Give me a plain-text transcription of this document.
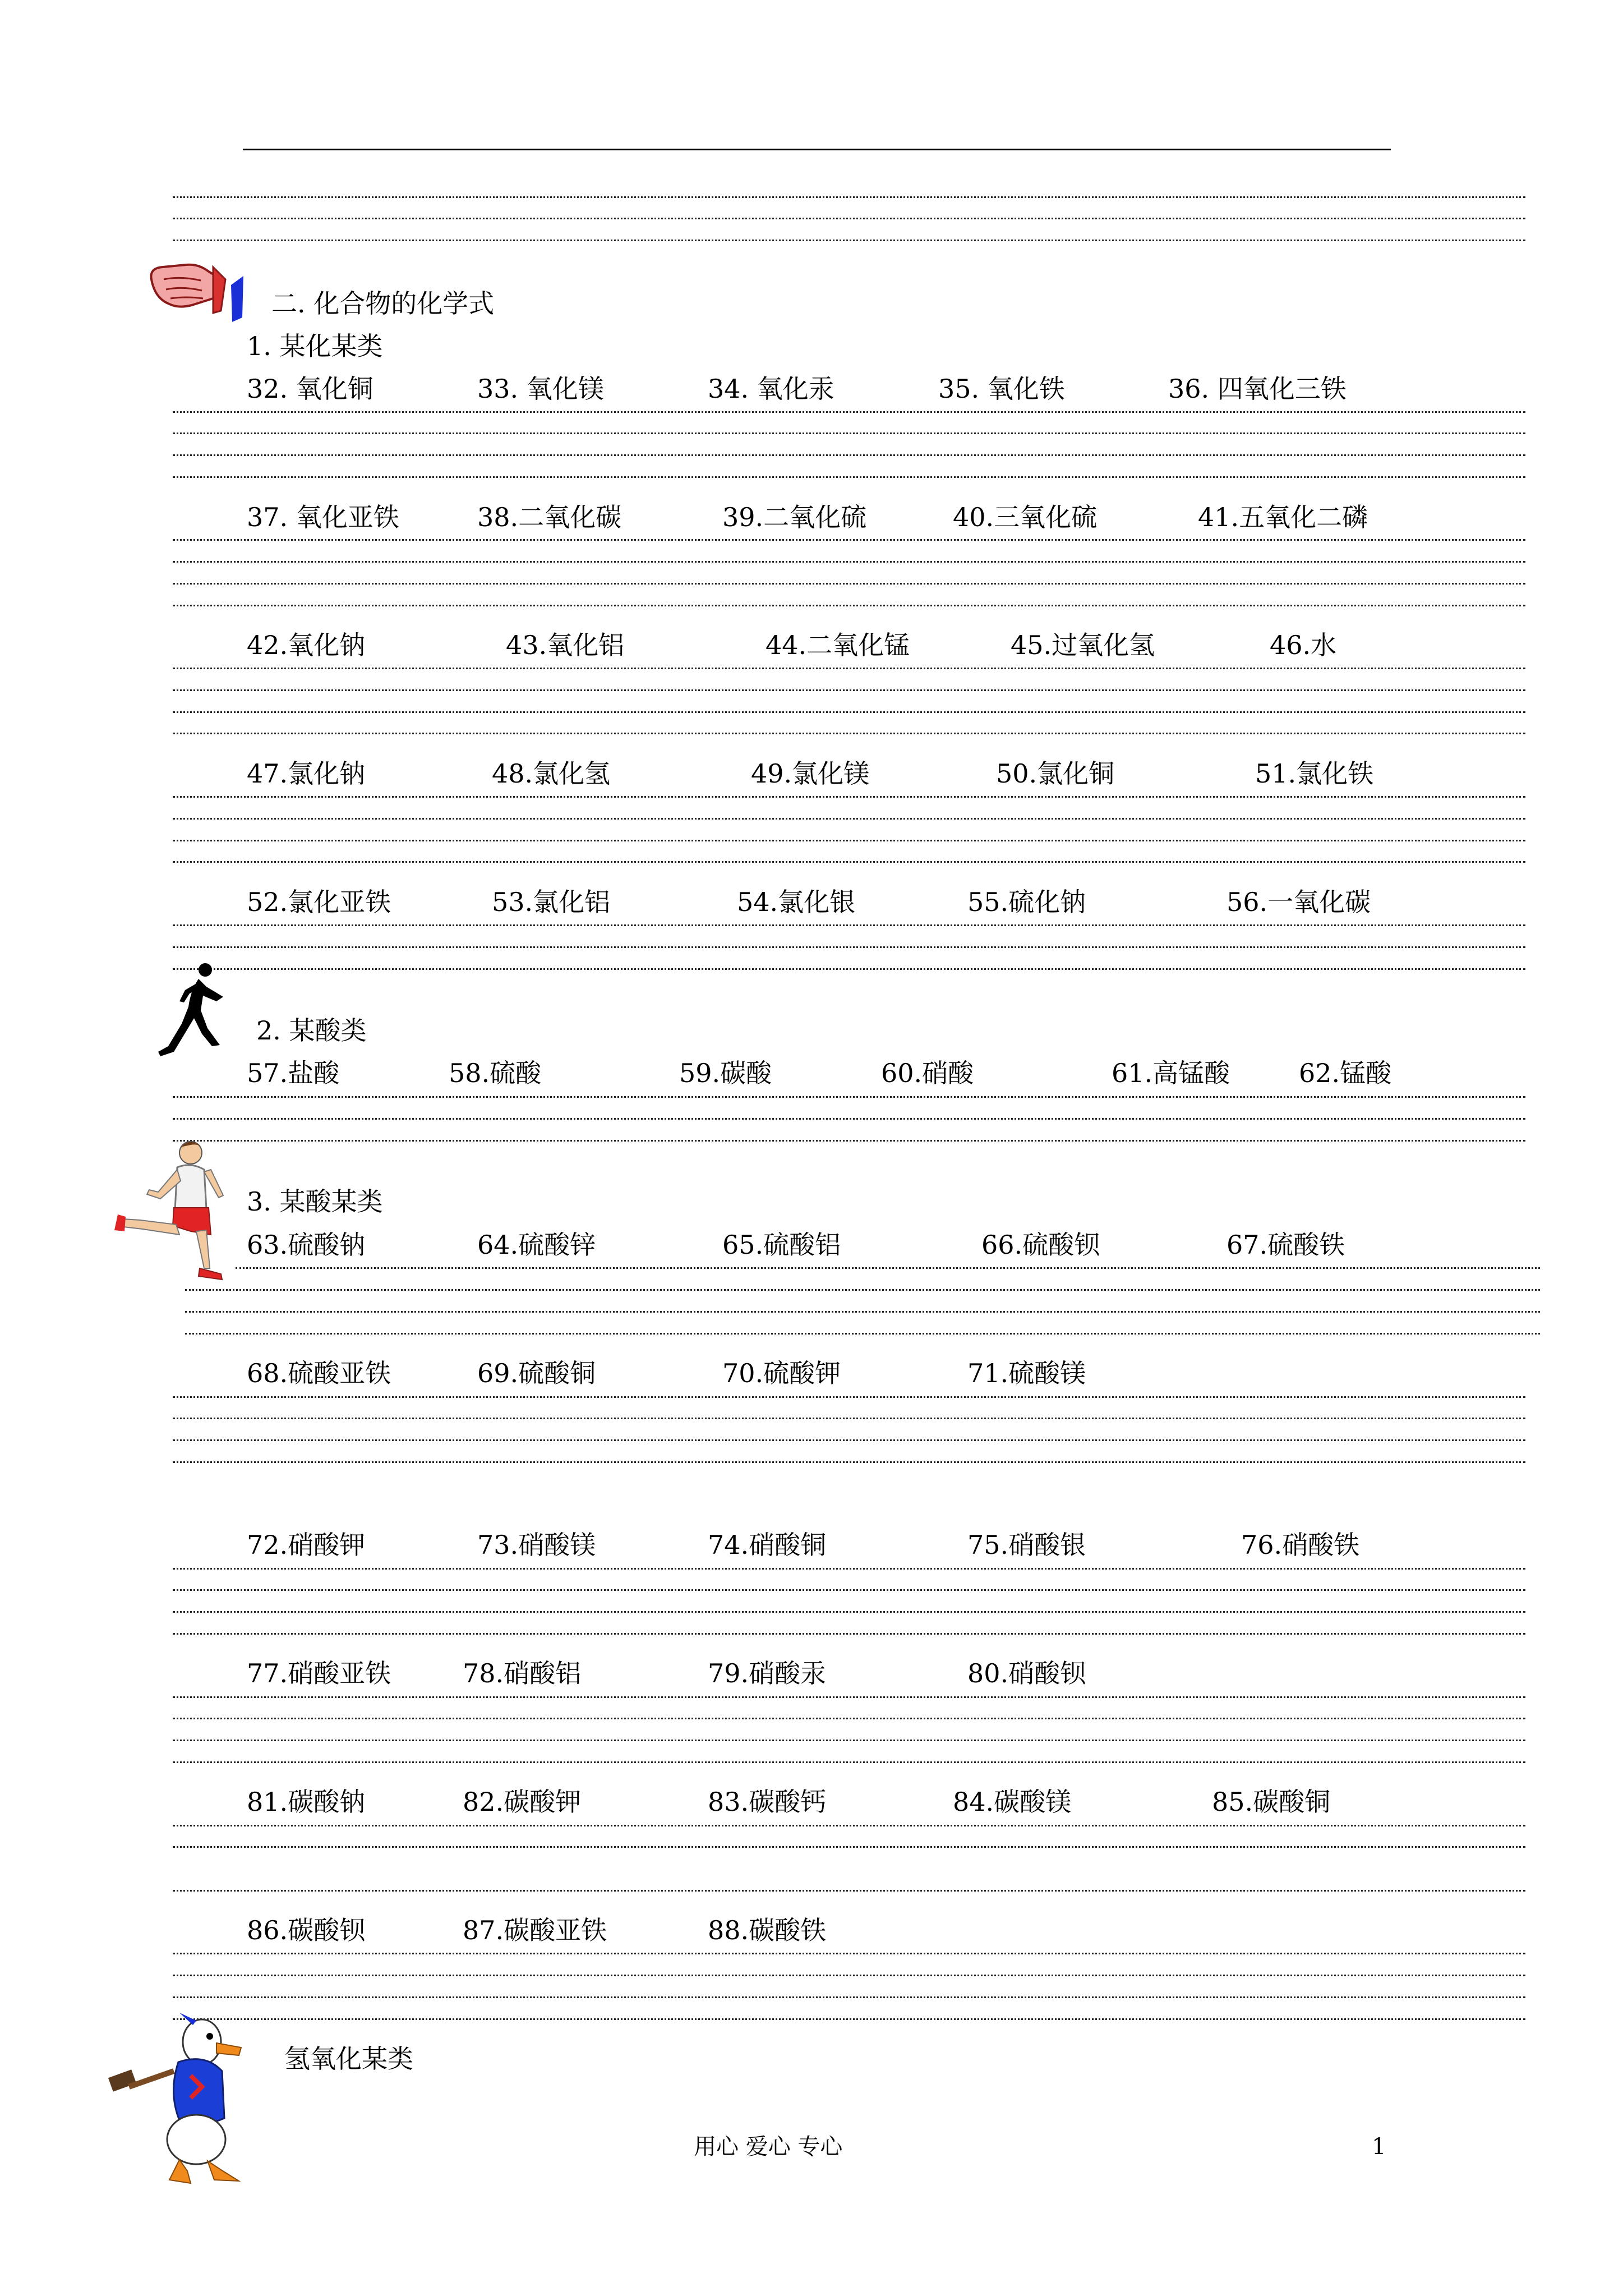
二. 化合物的化学式
1. 某化某类
32. 氧化铜	33. 氧化镁	34. 氧化汞	35. 氧化铁	36. 四氧化三铁
37. 氧化亚铁	38.二氧化碳	39.二氧化硫	40.三氧化硫	41.五氧化二磷
42.氧化钠	43.氧化铝	44.二氧化锰	45.过氧化氢	46.水
47.氯化钠	48.氯化氢	49.氯化镁	50.氯化铜	51.氯化铁
52.氯化亚铁	53.氯化铝	54.氯化银	55.硫化钠	56.一氧化碳
2. 某酸类
57.盐酸	58.硫酸	59.碳酸	60.硝酸	61.高锰酸	62.锰酸
3. 某酸某类
63.硫酸钠	64.硫酸锌	65.硫酸铝	66.硫酸钡	67.硫酸铁
68.硫酸亚铁	69.硫酸铜	70.硫酸钾	71.硫酸镁
72.硝酸钾	73.硝酸镁	74.硝酸铜	75.硝酸银	76.硝酸铁
77.硝酸亚铁	78.硝酸铝	79.硝酸汞	80.硝酸钡
81.碳酸钠	82.碳酸钾	83.碳酸钙	84.碳酸镁	85.碳酸铜
86.碳酸钡	87.碳酸亚铁	88.碳酸铁
氢氧化某类
用心 爱心 专心	1
